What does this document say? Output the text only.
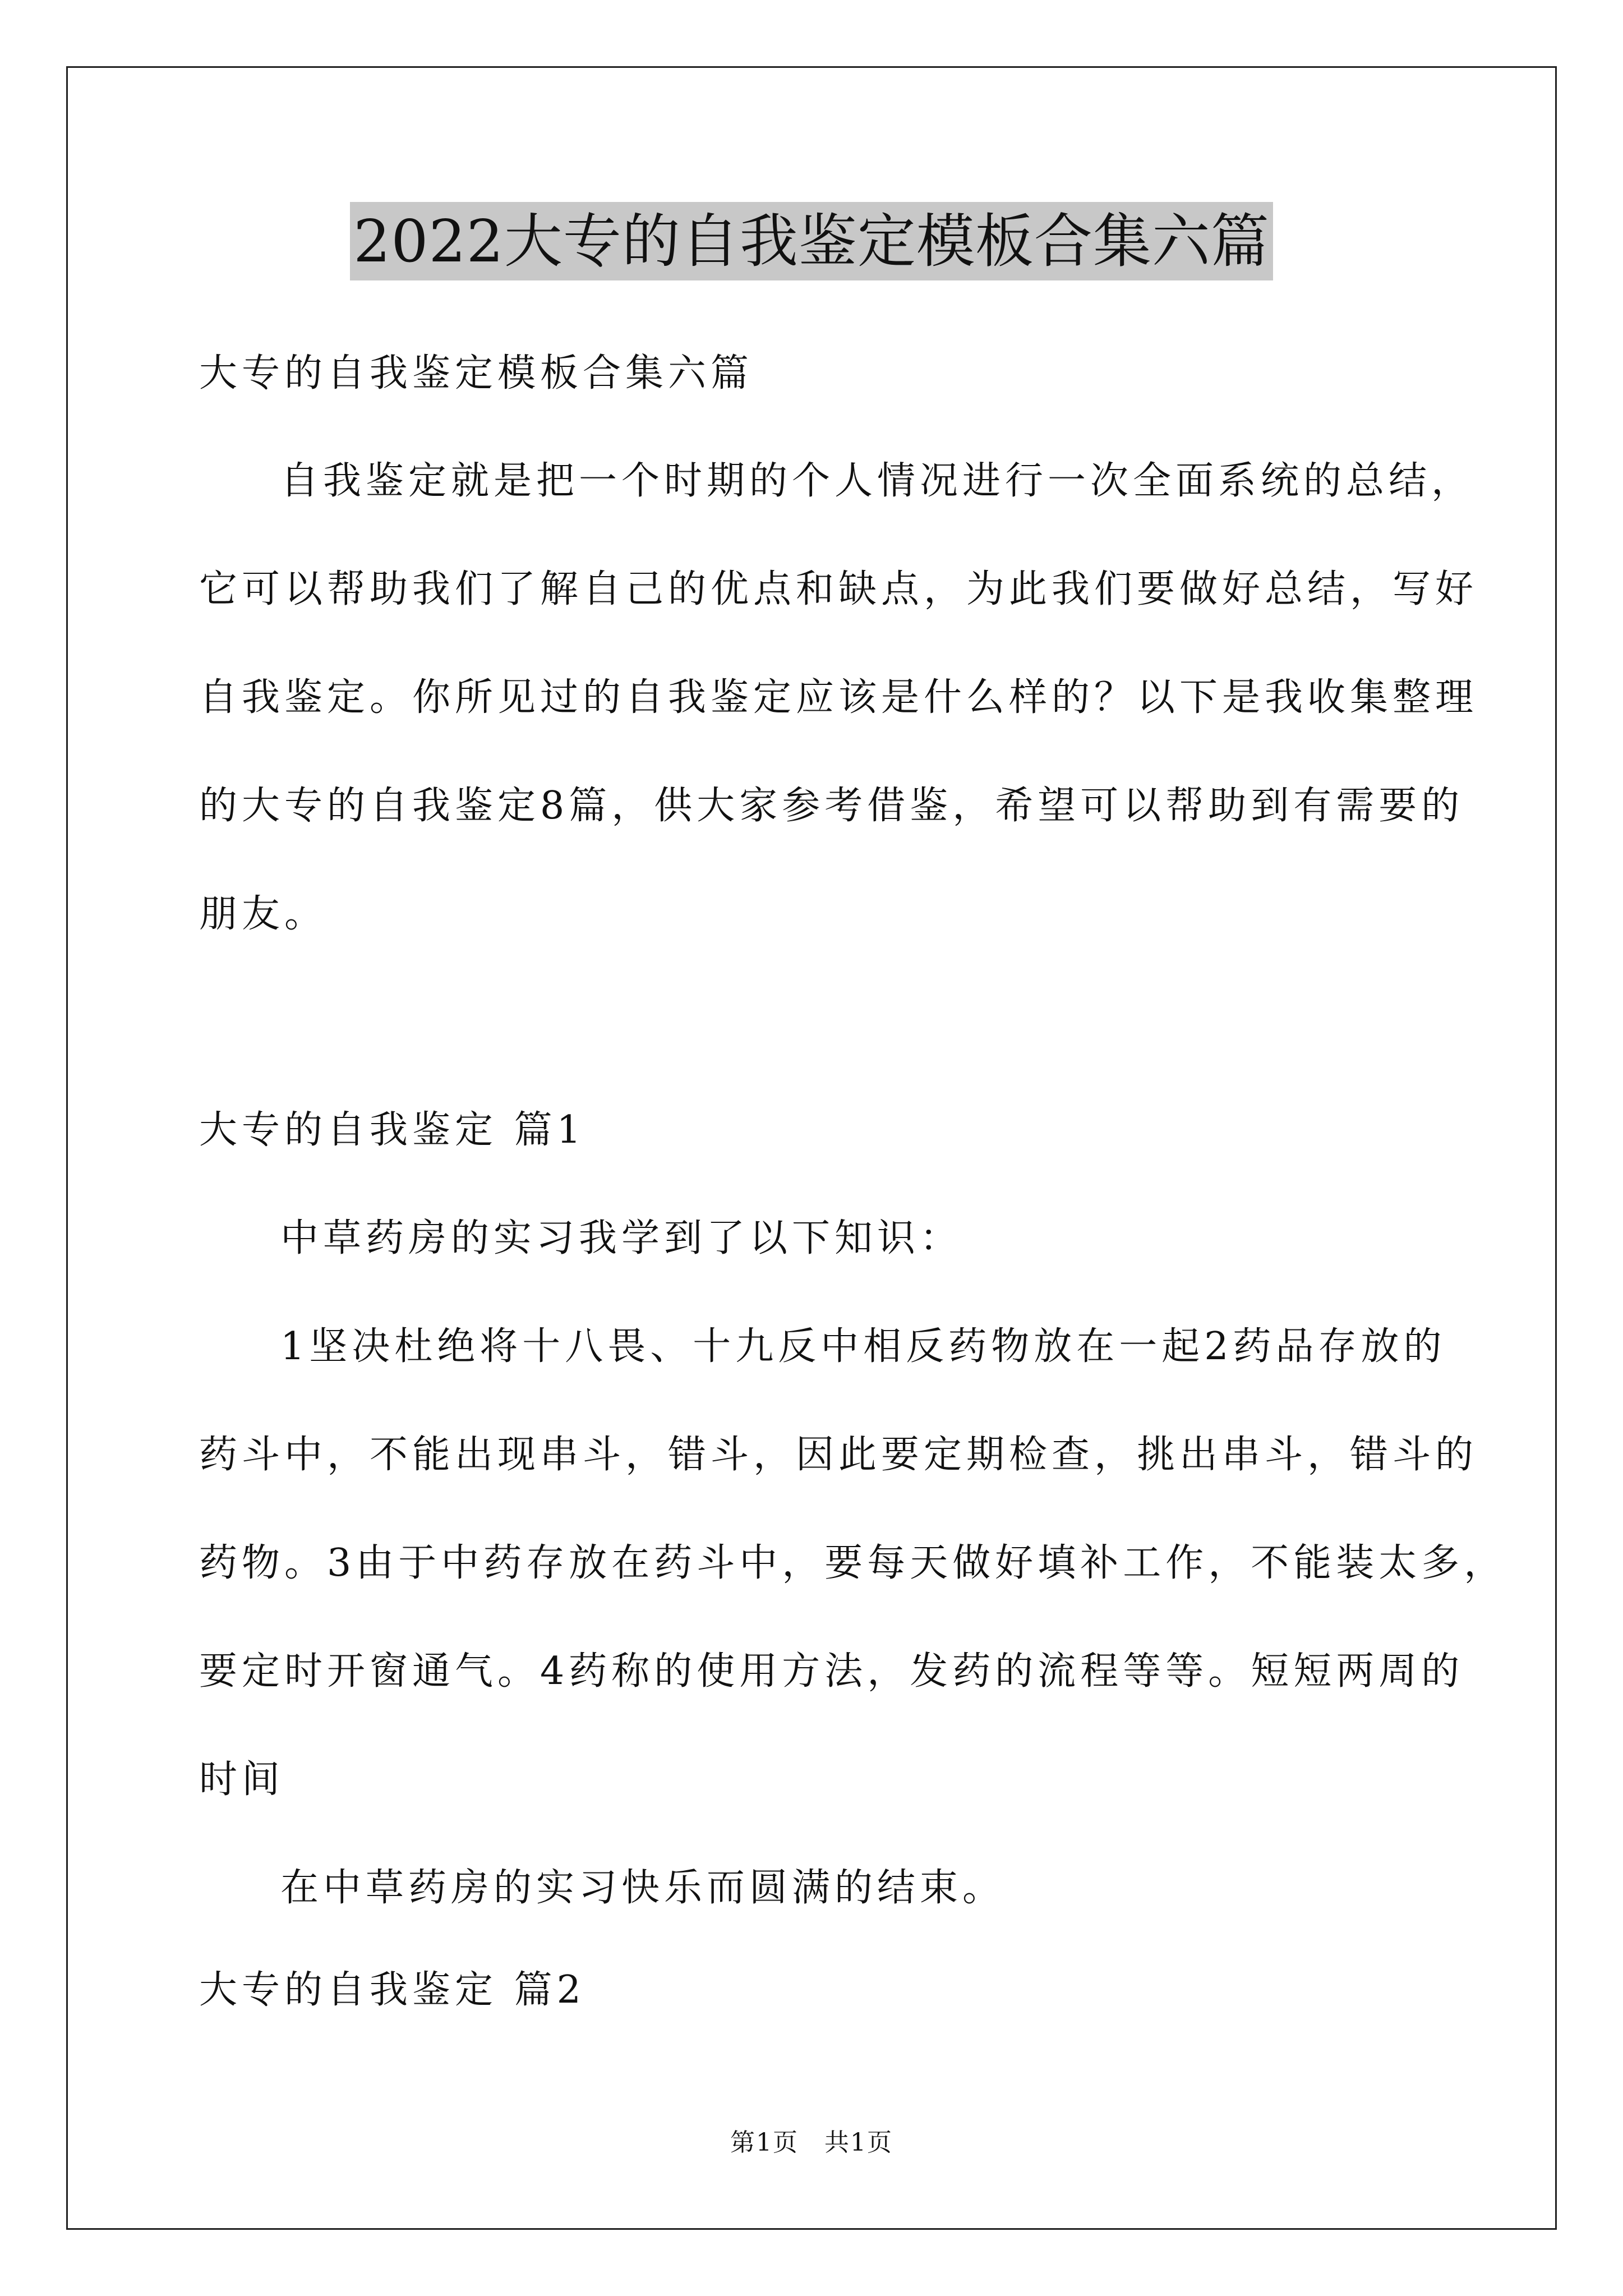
2022大专的自我鉴定模板合集六篇
大专的自我鉴定模板合集六篇
自我鉴定就是把一个时期的个人情况进行一次全面系统的总结，
它可以帮助我们了解自己的优点和缺点，为此我们要做好总结，写好
自我鉴定。你所见过的自我鉴定应该是什么样的？以下是我收集整理
的大专的自我鉴定8篇，供大家参考借鉴，希望可以帮助到有需要的
朋友。
大专的自我鉴定 篇1
中草药房的实习我学到了以下知识：
1坚决杜绝将十八畏、十九反中相反药物放在一起2药品存放的
药斗中，不能出现串斗，错斗，因此要定期检查，挑出串斗，错斗的
药物。3由于中药存放在药斗中，要每天做好填补工作，不能装太多，
要定时开窗通气。4药称的使用方法，发药的流程等等。短短两周的
时间
在中草药房的实习快乐而圆满的结束。
大专的自我鉴定 篇2
第1页　共1页
